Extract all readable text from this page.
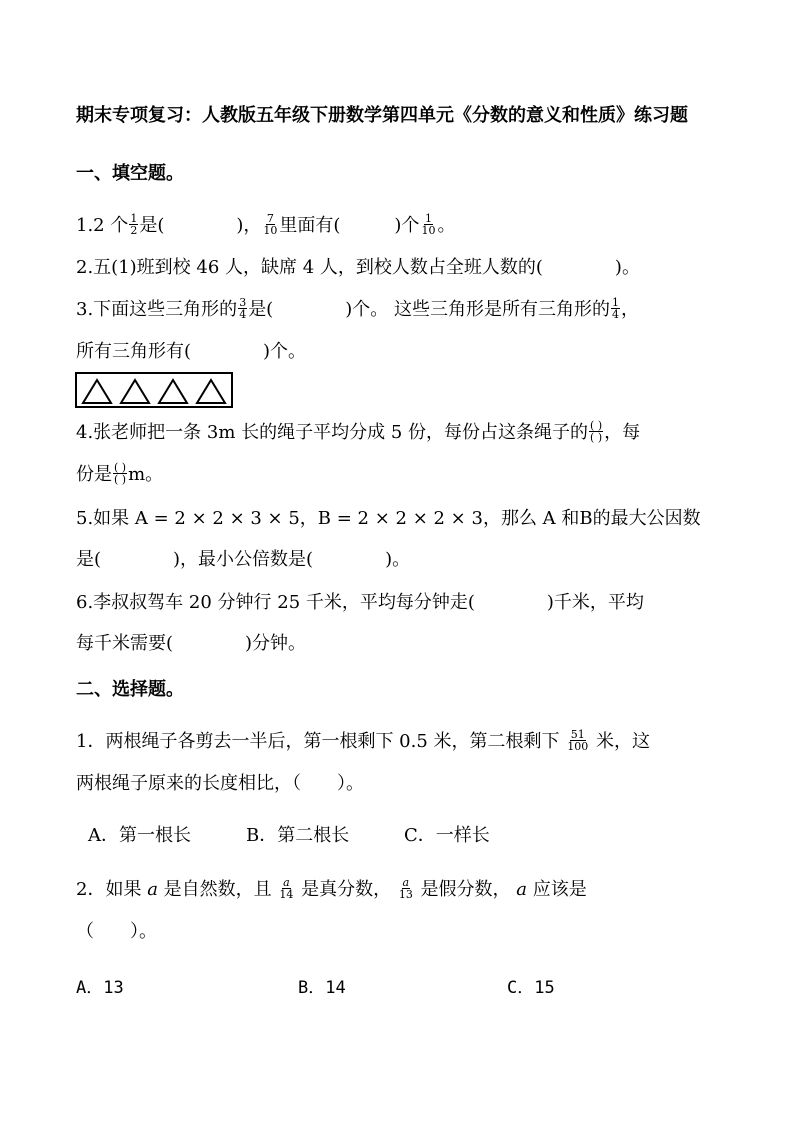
期末专项复习：人教版五年级下册数学第四单元《分数的意义和性质》练习题
一、填空题。
1.2 个 $\frac{1}{2}$ 是(　　　　)， $\frac{7}{10}$ 里面有(　　　)个 $\frac{1}{10}$ 。
2.五(1)班到校 46 人，缺席 4 人，到校人数占全班人数的(　　　　)。
3.下面这些三角形的 $\frac{3}{4}$ 是(　　　　)个。 这些三角形是所有三角形的 $\frac{1}{4}$ ，
所有三角形有(　　　　)个。
4.张老师把一条 3m 长的绳子平均分成 5 份，每份占这条绳子的 $\frac{( )}{( )}$ ，每
份是 $\frac{( )}{( )}$ m。
5.如果 A = 2 × 2 × 3 × 5，B = 2 × 2 × 2 × 3，那么 A 和B的最大公因数
是(　　　　)，最小公倍数是(　　　　)。
6.李叔叔驾车 20 分钟行 25 千米，平均每分钟走(　　　　)千米，平均
每千米需要(　　　　)分钟。
二、选择题。
1．两根绳子各剪去一半后，第一根剩下 0.5 米，第二根剩下 $\frac{51}{100}$ 米，这
两根绳子原来的长度相比，（　　）。
A．第一根长	B．第二根长	C．一样长
2．如果 a 是自然数，且 $\frac{a}{14}$ 是真分数， $\frac{a}{13}$ 是假分数， a 应该是
（　　）。
A．13	B．14	C．15
